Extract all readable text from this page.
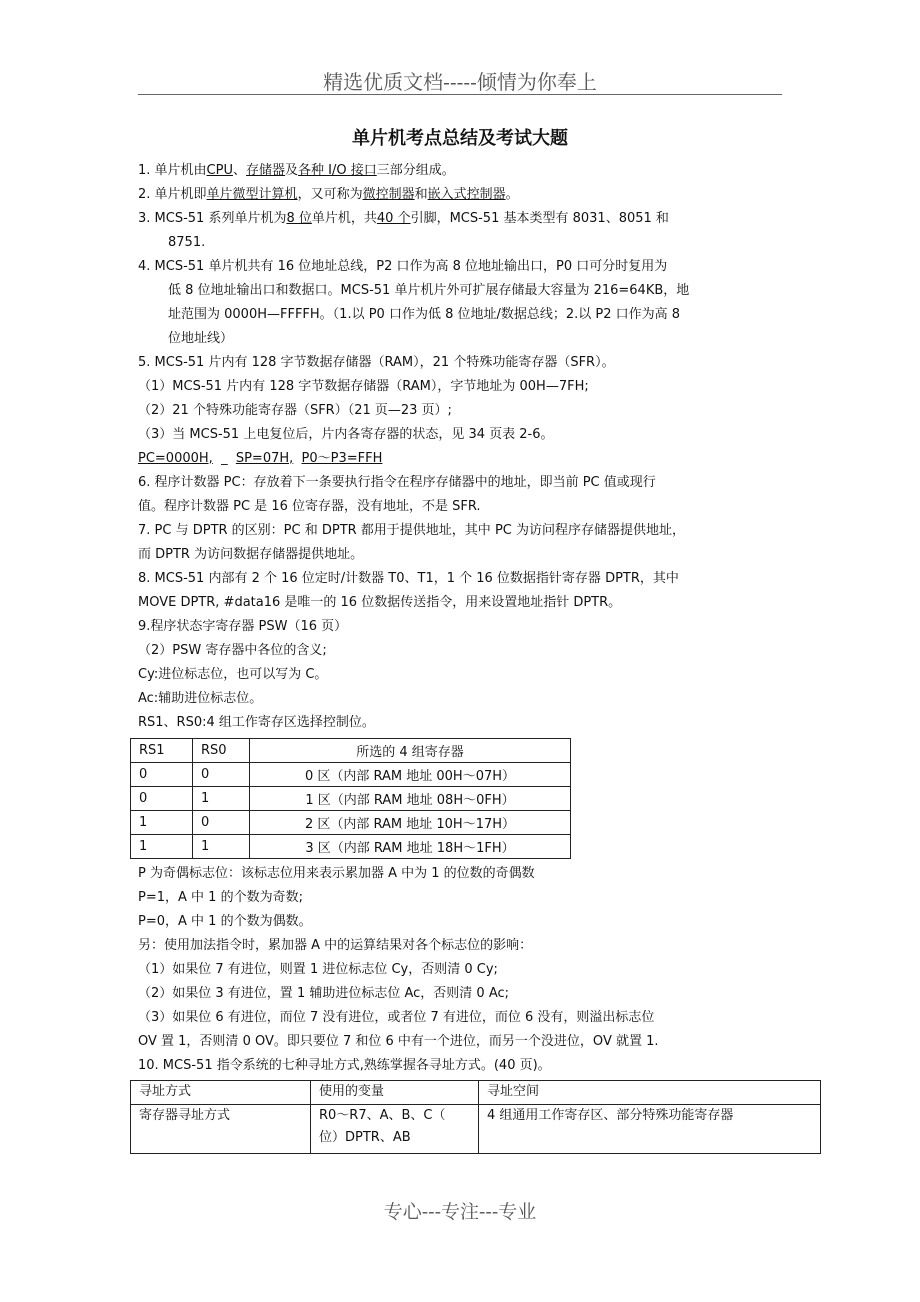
精选优质文档-----倾情为你奉上
单片机考点总结及考试大题
1. 单片机由CPU、存储器及各种 I/O 接口三部分组成。
2. 单片机即单片微型计算机，又可称为微控制器和嵌入式控制器。
3. MCS-51 系列单片机为8 位单片机，共40 个引脚，MCS-51 基本类型有 8031、8051 和
8751.
4. MCS-51 单片机共有 16 位地址总线，P2 口作为高 8 位地址输出口，P0 口可分时复用为
低 8 位地址输出口和数据口。MCS-51 单片机片外可扩展存储最大容量为 216=64KB，地
址范围为 0000H—FFFFH。（1.以 P0 口作为低 8 位地址/数据总线；2.以 P2 口作为高 8
位地址线）
5. MCS-51 片内有 128 字节数据存储器（RAM），21 个特殊功能寄存器（SFR）。
（1）MCS-51 片内有 128 字节数据存储器（RAM），字节地址为 00H—7FH;
（2）21 个特殊功能寄存器（SFR）（21 页—23 页）;
（3）当 MCS-51 上电复位后，片内各寄存器的状态，见 34 页表 2-6。
PC=0000H,  _  SP=07H, P0～P3=FFH
6. 程序计数器 PC：存放着下一条要执行指令在程序存储器中的地址，即当前 PC 值或现行
值。程序计数器 PC 是 16 位寄存器，没有地址，不是 SFR.
7. PC 与 DPTR 的区别：PC 和 DPTR 都用于提供地址，其中 PC 为访问程序存储器提供地址，
而 DPTR 为访问数据存储器提供地址。
8. MCS-51 内部有 2 个 16 位定时/计数器 T0、T1，1 个 16 位数据指针寄存器 DPTR，其中
MOVE DPTR, #data16 是唯一的 16 位数据传送指令，用来设置地址指针 DPTR。
9.程序状态字寄存器 PSW（16 页）
（2）PSW 寄存器中各位的含义;
Cy:进位标志位，也可以写为 C。
Ac:辅助进位标志位。
RS1、RS0:4 组工作寄存区选择控制位。
RS1	RS0	所选的 4 组寄存器
0	0	0 区（内部 RAM 地址 00H～07H）
0	1	1 区（内部 RAM 地址 08H～0FH）
1	0	2 区（内部 RAM 地址 10H～17H）
1	1	3 区（内部 RAM 地址 18H～1FH）
P 为奇偶标志位：该标志位用来表示累加器 A 中为 1 的位数的奇偶数
P=1，A 中 1 的个数为奇数;
P=0，A 中 1 的个数为偶数。
另：使用加法指令时，累加器 A 中的运算结果对各个标志位的影响：
（1）如果位 7 有进位，则置 1 进位标志位 Cy，否则清 0 Cy;
（2）如果位 3 有进位，置 1 辅助进位标志位 Ac，否则清 0 Ac;
（3）如果位 6 有进位，而位 7 没有进位，或者位 7 有进位，而位 6 没有，则溢出标志位
OV 置 1，否则清 0 OV。即只要位 7 和位 6 中有一个进位，而另一个没进位，OV 就置 1.
10. MCS-51 指令系统的七种寻址方式,熟练掌握各寻址方式。(40 页)。
寻址方式	使用的变量	寻址空间
寄存器寻址方式	R0～R7、A、B、C（
位）DPTR、AB	4 组通用工作寄存区、部分特殊功能寄存器
专心---专注---专业
